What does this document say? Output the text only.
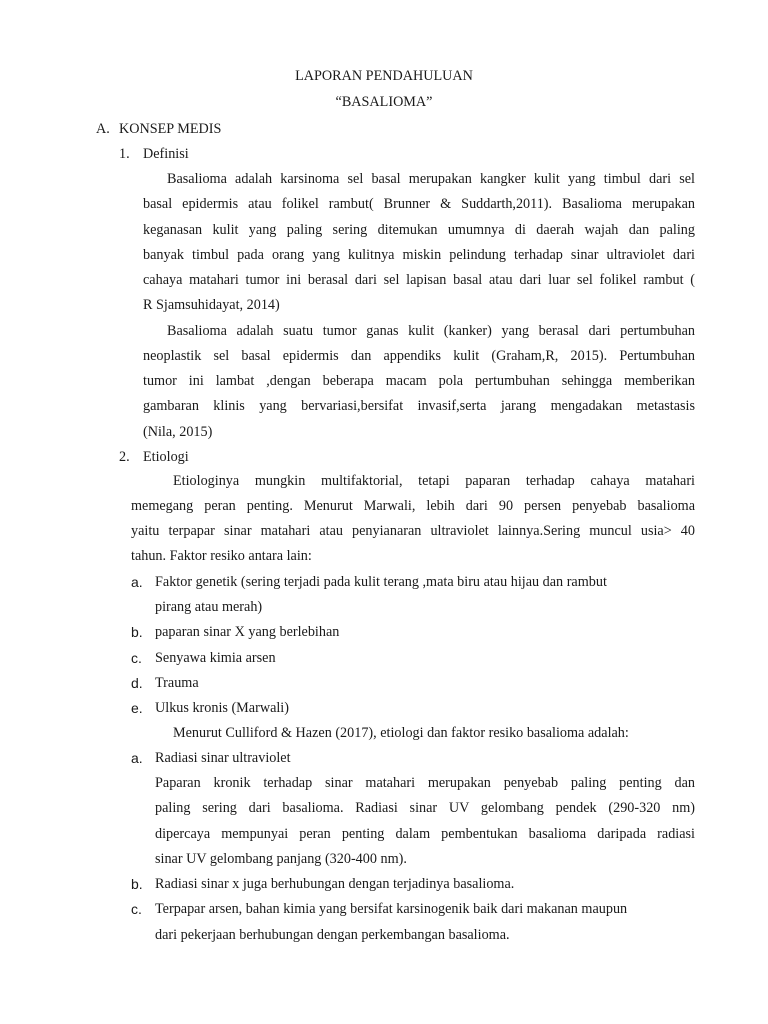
LAPORAN PENDAHULUAN
“BASALIOMA”
A. KONSEP MEDIS
1. Definisi
Basalioma adalah karsinoma sel basal merupakan kangker kulit yang timbul dari sel
basal epidermis atau folikel rambut( Brunner & Suddarth,2011). Basalioma merupakan
keganasan kulit yang paling sering ditemukan umumnya di daerah wajah dan paling
banyak timbul pada orang yang kulitnya miskin pelindung terhadap sinar ultraviolet dari
cahaya matahari tumor ini berasal dari sel lapisan basal atau dari luar sel folikel rambut (
R Sjamsuhidayat, 2014)
Basalioma adalah suatu tumor ganas kulit (kanker) yang berasal dari pertumbuhan
neoplastik sel basal epidermis dan appendiks kulit (Graham,R, 2015). Pertumbuhan
tumor ini lambat ,dengan beberapa macam pola pertumbuhan sehingga memberikan
gambaran klinis yang bervariasi,bersifat invasif,serta jarang mengadakan metastasis
(Nila, 2015)
2. Etiologi
Etiologinya mungkin multifaktorial, tetapi paparan terhadap cahaya matahari
memegang peran penting. Menurut Marwali, lebih dari 90 persen penyebab basalioma
yaitu terpapar sinar matahari atau penyianaran ultraviolet lainnya.Sering muncul usia> 40
tahun. Faktor resiko antara lain:
a. Faktor genetik (sering terjadi pada kulit terang ,mata biru atau hijau dan rambut
pirang atau merah)
b. paparan sinar X yang berlebihan
c. Senyawa kimia arsen
d. Trauma
e. Ulkus kronis (Marwali)
Menurut Culliford & Hazen (2017), etiologi dan faktor resiko basalioma adalah:
a. Radiasi sinar ultraviolet
Paparan kronik terhadap sinar matahari merupakan penyebab paling penting dan
paling sering dari basalioma. Radiasi sinar UV gelombang pendek (290-320 nm)
dipercaya mempunyai peran penting dalam pembentukan basalioma daripada radiasi
sinar UV gelombang panjang (320-400 nm).
b. Radiasi sinar x juga berhubungan dengan terjadinya basalioma.
c. Terpapar arsen, bahan kimia yang bersifat karsinogenik baik dari makanan maupun
dari pekerjaan berhubungan dengan perkembangan basalioma.
